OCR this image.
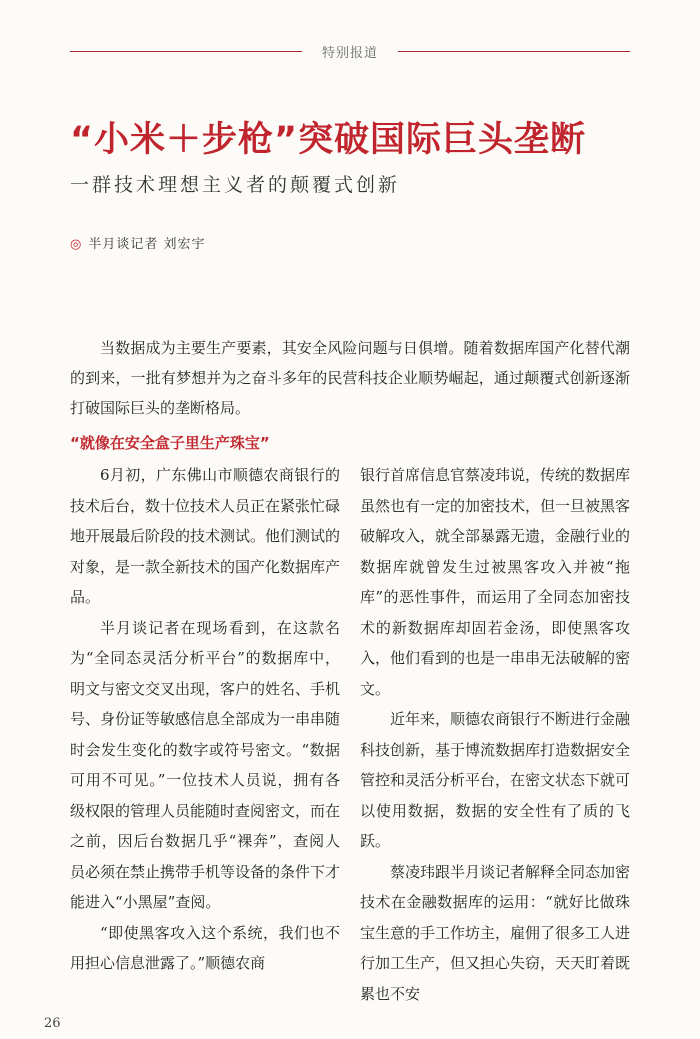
特别报道
“小米＋步枪”突破国际巨头垄断
一群技术理想主义者的颠覆式创新
◎ 半月谈记者 刘宏宇

当数据成为主要生产要素，其安全风险问题与日俱增。随着数据库国产化替代潮的到来，一批有梦想并为之奋斗多年的民营科技企业顺势崛起，通过颠覆式创新逐渐打破国际巨头的垄断格局。

“就像在安全盒子里生产珠宝”

6月初，广东佛山市顺德农商银行的技术后台，数十位技术人员正在紧张忙碌地开展最后阶段的技术测试。他们测试的对象，是一款全新技术的国产化数据库产品。

半月谈记者在现场看到，在这款名为“全同态灵活分析平台”的数据库中，明文与密文交叉出现，客户的姓名、手机号、身份证等敏感信息全部成为一串串随时会发生变化的数字或符号密文。“数据可用不可见。”一位技术人员说，拥有各级权限的管理人员能随时查阅密文，而在之前，因后台数据几乎“裸奔”，查阅人员必须在禁止携带手机等设备的条件下才能进入“小黑屋”查阅。

“即使黑客攻入这个系统，我们也不用担心信息泄露了。”顺德农商

银行首席信息官蔡凌玮说，传统的数据库虽然也有一定的加密技术，但一旦被黑客破解攻入，就全部暴露无遗，金融行业的数据库就曾发生过被黑客攻入并被“拖库”的恶性事件，而运用了全同态加密技术的新数据库却固若金汤，即使黑客攻入，他们看到的也是一串串无法破解的密文。

近年来，顺德农商银行不断进行金融科技创新，基于博流数据库打造数据安全管控和灵活分析平台，在密文状态下就可以使用数据，数据的安全性有了质的飞跃。

蔡凌玮跟半月谈记者解释全同态加密技术在金融数据库的运用：“就好比做珠宝生意的手工作坊主，雇佣了很多工人进行加工生产，但又担心失窃，天天盯着既累也不安

26
